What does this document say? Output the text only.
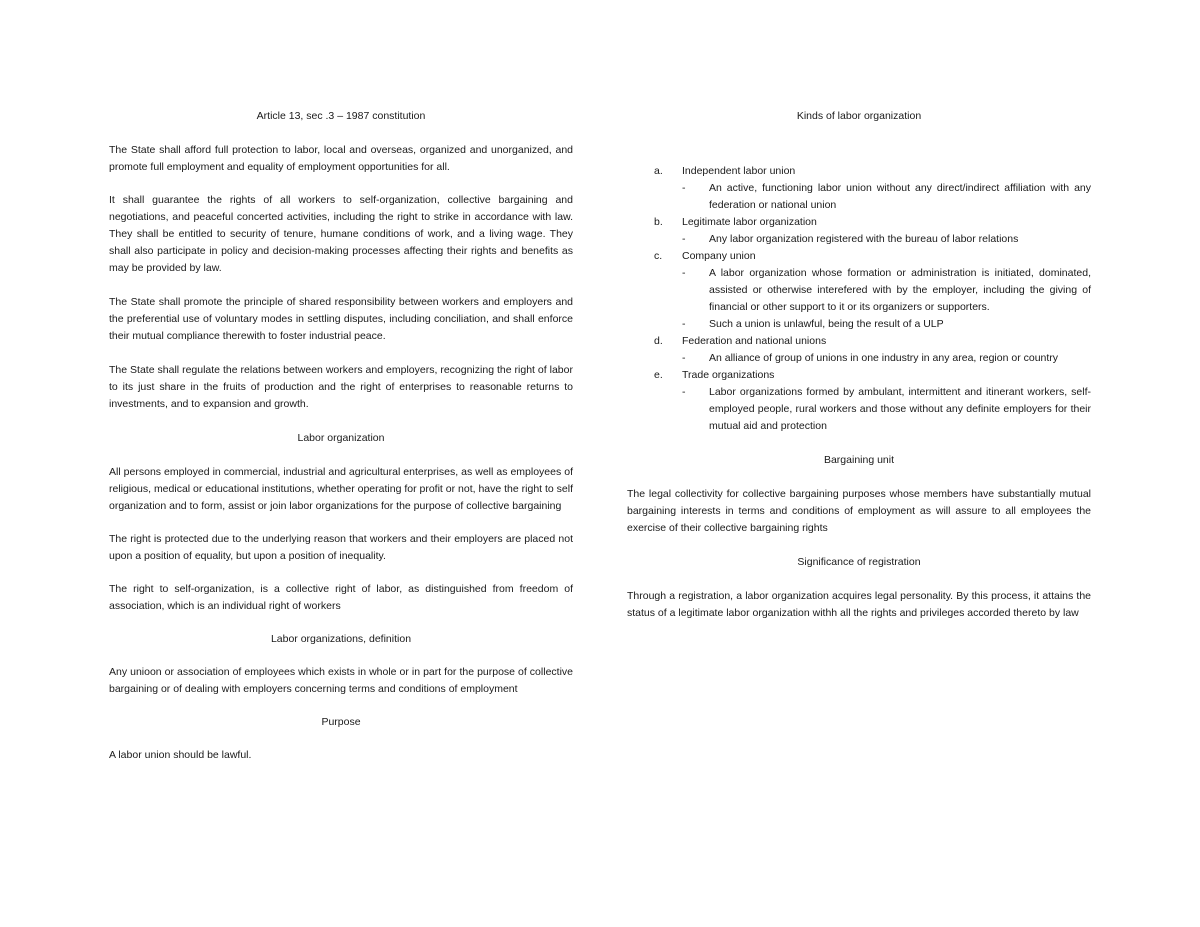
Article 13, sec .3 – 1987 constitution

The State shall afford full protection to labor, local and overseas, organized and unorganized, and promote full employment and equality of employment opportunities for all.

It shall guarantee the rights of all workers to self-organization, collective bargaining and negotiations, and peaceful concerted activities, including the right to strike in accordance with law. They shall be entitled to security of tenure, humane conditions of work, and a living wage. They shall also participate in policy and decision-making processes affecting their rights and benefits as may be provided by law.

The State shall promote the principle of shared responsibility between workers and employers and the preferential use of voluntary modes in settling disputes, including conciliation, and shall enforce their mutual compliance therewith to foster industrial peace.

The State shall regulate the relations between workers and employers, recognizing the right of labor to its just share in the fruits of production and the right of enterprises to reasonable returns to investments, and to expansion and growth.

Labor organization

All persons employed in commercial, industrial and agricultural enterprises, as well as employees of religious, medical or educational institutions, whether operating for profit or not, have the right to self organization and to form, assist or join labor organizations for the purpose of collective bargaining

The right is protected due to the underlying reason that workers and their employers are placed not upon a position of equality, but upon a position of inequality.

The right to self-organization, is a collective right of labor, as distinguished from freedom of association, which is an individual right of workers

Labor organizations, definition

Any unioon or association of employees which exists in whole or in part for the purpose of collective bargaining or of dealing with employers concerning terms and conditions of employment

Purpose

A labor union should be lawful.

Kinds of labor organization

a. Independent labor union
- An active, functioning labor union without any direct/indirect affiliation with any federation or national union
b. Legitimate labor organization
- Any labor organization registered with the bureau of labor relations
c. Company union
- A labor organization whose formation or administration is initiated, dominated, assisted or otherwise interefered with by the employer, including the giving of financial or other support to it or its organizers or supporters.
- Such a union is unlawful, being the result of a ULP
d. Federation and national unions
- An alliance of group of unions in one industry in any area, region or country
e. Trade organizations
- Labor organizations formed by ambulant, intermittent and itinerant workers, self-employed people, rural workers and those without any definite employers for their mutual aid and protection

Bargaining unit

The legal collectivity for collective bargaining purposes whose members have substantially mutual bargaining interests in terms and conditions of employment as will assure to all employees the exercise of their collective bargaining rights

Significance of registration

Through a registration, a labor organization acquires legal personality. By this process, it attains the status of a legitimate labor organization withh all the rights and privileges accorded thereto by law
